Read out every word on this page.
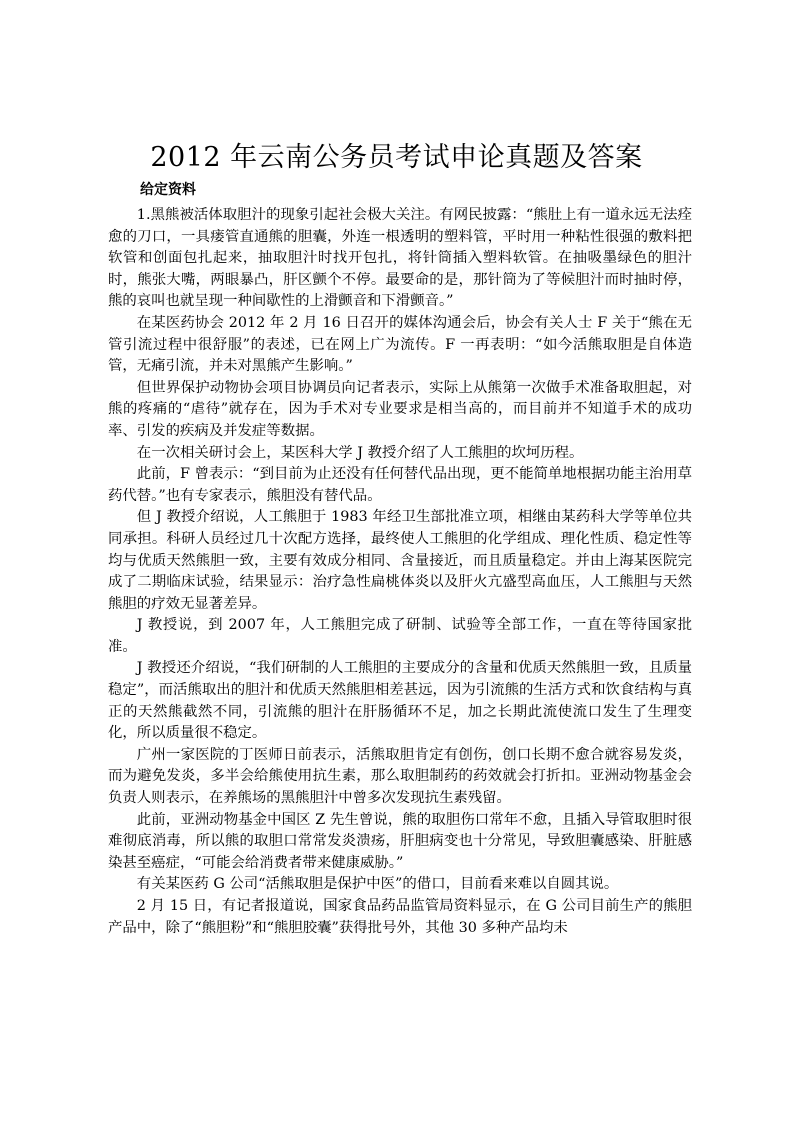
2012 年云南公务员考试申论真题及答案
给定资料

1.黑熊被活体取胆汁的现象引起社会极大关注。有网民披露：“熊肚上有一道永远无法痊愈的刀口，一具瘘管直通熊的胆囊，外连一根透明的塑料管，平时用一种粘性很强的敷料把软管和创面包扎起来，抽取胆汁时找开包扎，将针筒插入塑料软管。在抽吸墨绿色的胆汁时，熊张大嘴，两眼暴凸，肝区颤个不停。最要命的是，那针筒为了等候胆汁而时抽时停，熊的哀叫也就呈现一种间歇性的上滑颤音和下滑颤音。”

在某医药协会 2012 年 2 月 16 日召开的媒体沟通会后，协会有关人士 F 关于“熊在无管引流过程中很舒服”的表述，已在网上广为流传。F 一再表明：“如今活熊取胆是自体造管，无痛引流，并未对黑熊产生影响。”

但世界保护动物协会项目协调员向记者表示，实际上从熊第一次做手术准备取胆起，对熊的疼痛的“虐待”就存在，因为手术对专业要求是相当高的，而目前并不知道手术的成功率、引发的疾病及并发症等数据。

在一次相关研讨会上，某医科大学 J 教授介绍了人工熊胆的坎坷历程。

此前，F 曾表示：“到目前为止还没有任何替代品出现，更不能简单地根据功能主治用草药代替。”也有专家表示，熊胆没有替代品。

但 J 教授介绍说，人工熊胆于 1983 年经卫生部批准立项，相继由某药科大学等单位共同承担。科研人员经过几十次配方选择，最终使人工熊胆的化学组成、理化性质、稳定性等均与优质天然熊胆一致，主要有效成分相同、含量接近，而且质量稳定。并由上海某医院完成了二期临床试验，结果显示：治疗急性扁桃体炎以及肝火亢盛型高血压，人工熊胆与天然熊胆的疗效无显著差异。

J 教授说，到 2007 年，人工熊胆完成了研制、试验等全部工作，一直在等待国家批准。

J 教授还介绍说，“我们研制的人工熊胆的主要成分的含量和优质天然熊胆一致，且质量稳定”，而活熊取出的胆汁和优质天然熊胆相差甚远，因为引流熊的生活方式和饮食结构与真正的天然熊截然不同，引流熊的胆汁在肝肠循环不足，加之长期此流使流口发生了生理变化，所以质量很不稳定。

广州一家医院的丁医师日前表示，活熊取胆肯定有创伤，创口长期不愈合就容易发炎，而为避免发炎，多半会给熊使用抗生素，那么取胆制药的药效就会打折扣。亚洲动物基金会负责人则表示，在养熊场的黑熊胆汁中曾多次发现抗生素残留。

此前，亚洲动物基金中国区 Z 先生曾说，熊的取胆伤口常年不愈，且插入导管取胆时很难彻底消毒，所以熊的取胆口常常发炎溃疡，肝胆病变也十分常见，导致胆囊感染、肝脏感染甚至癌症，“可能会给消费者带来健康威胁。”

有关某医药 G 公司“活熊取胆是保护中医”的借口，目前看来难以自圆其说。

2 月 15 日，有记者报道说，国家食品药品监管局资料显示，在 G 公司目前生产的熊胆产品中，除了“熊胆粉”和“熊胆胶囊”获得批号外，其他 30 多种产品均未
